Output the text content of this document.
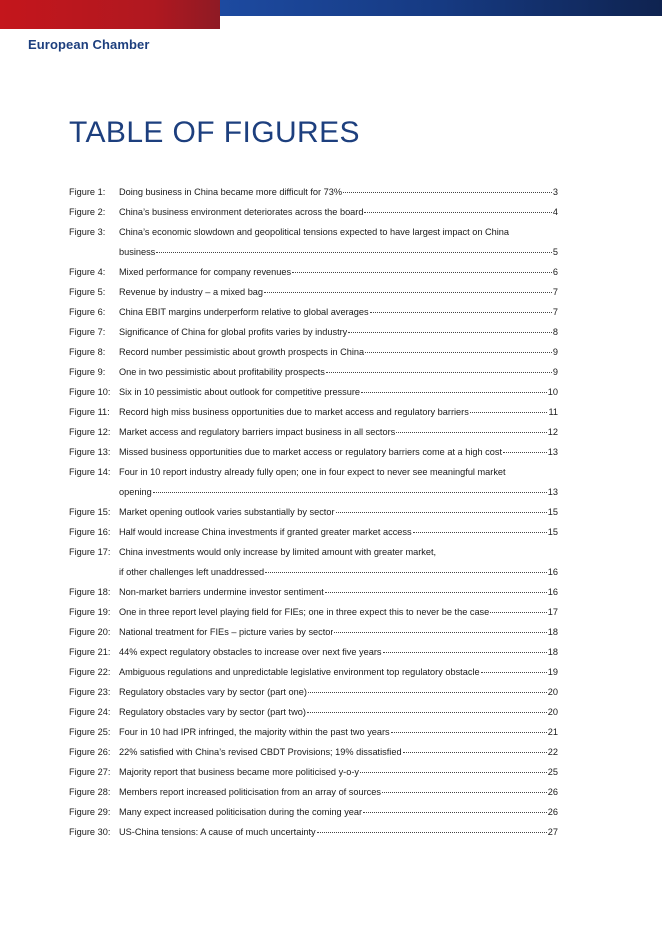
European Chamber
TABLE OF FIGURES
Figure 1:	Doing business in China became more difficult for 73%	3
Figure 2:	China’s business environment deteriorates across the board	4
Figure 3:	China’s economic slowdown and geopolitical tensions expected to have largest impact on China
business	5
Figure 4:	Mixed performance for company revenues	6
Figure 5:	Revenue by industry – a mixed bag	7
Figure 6:	China EBIT margins underperform relative to global averages	7
Figure 7:	Significance of China for global profits varies by industry	8
Figure 8:	Record number pessimistic about growth prospects in China	9
Figure 9:	One in two pessimistic about profitability prospects	9
Figure 10: Six in 10 pessimistic about outlook for competitive pressure	10
Figure 11:	Record high miss business opportunities due to market access and regulatory barriers	11
Figure 12: Market access and regulatory barriers impact business in all sectors	12
Figure 13: Missed business opportunities due to market access or regulatory barriers come at a high cost	13
Figure 14: Four in 10 report industry already fully open; one in four expect to never see meaningful market
opening	13
Figure 15: Market opening outlook varies substantially by sector	15
Figure 16: Half would increase China investments if granted greater market access	15
Figure 17: China investments would only increase by limited amount with greater market,
if other challenges left unaddressed	16
Figure 18: Non-market barriers undermine investor sentiment	16
Figure 19: One in three report level playing field for FIEs; one in three expect this to never be the case	17
Figure 20: National treatment for FIEs – picture varies by sector	18
Figure 21: 44% expect regulatory obstacles to increase over next five years	18
Figure 22: Ambiguous regulations and unpredictable legislative environment top regulatory obstacle	19
Figure 23: Regulatory obstacles vary by sector (part one)	20
Figure 24: Regulatory obstacles vary by sector (part two)	20
Figure 25: Four in 10 had IPR infringed, the majority within the past two years	21
Figure 26: 22% satisfied with China’s revised CBDT Provisions; 19% dissatisfied	22
Figure 27: Majority report that business became more politicised y-o-y	25
Figure 28: Members report increased politicisation from an array of sources	26
Figure 29: Many expect increased politicisation during the coming year	26
Figure 30: US-China tensions: A cause of much uncertainty	27
